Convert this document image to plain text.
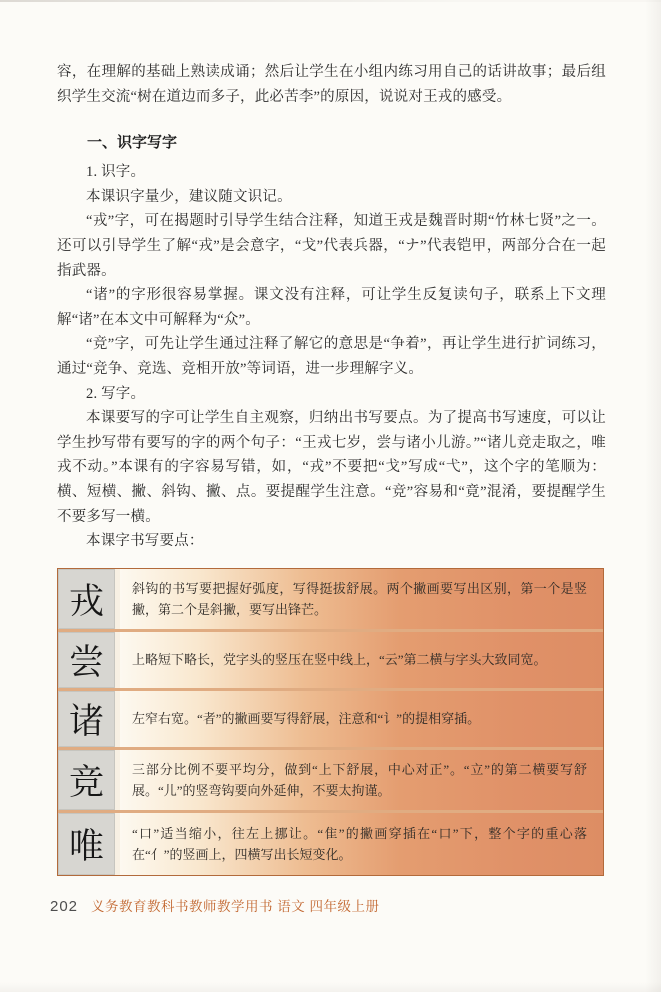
容，在理解的基础上熟读成诵；然后让学生在小组内练习用自己的话讲故事；最后组织学生交流“树在道边而多子，此必苦李”的原因，说说对王戎的感受。

一、识字写字

1. 识字。

本课识字量少，建议随文识记。

“戎”字，可在揭题时引导学生结合注释，知道王戎是魏晋时期“竹林七贤”之一。还可以引导学生了解“戎”是会意字，“戈”代表兵器，“ナ”代表铠甲，两部分合在一起指武器。

“诸”的字形很容易掌握。课文没有注释，可让学生反复读句子，联系上下文理解“诸”在本文中可解释为“众”。

“竞”字，可先让学生通过注释了解它的意思是“争着”，再让学生进行扩词练习，通过“竞争、竞选、竞相开放”等词语，进一步理解字义。

2. 写字。

本课要写的字可让学生自主观察，归纳出书写要点。为了提高书写速度，可以让学生抄写带有要写的字的两个句子：“王戎七岁，尝与诸小儿游。”“诸儿竞走取之，唯戎不动。”本课有的字容易写错，如，“戎”不要把“戈”写成“弋”，这个字的笔顺为：横、短横、撇、斜钩、撇、点。要提醒学生注意。“竞”容易和“竟”混淆，要提醒学生不要多写一横。

本课字书写要点：

戎	斜钩的书写要把握好弧度，写得挺拔舒展。两个撇画要写出区别，第一个是竖撇，第二个是斜撇，要写出锋芒。
尝	上略短下略长，党字头的竖压在竖中线上，“云”第二横与字头大致同宽。
诸	左窄右宽。“者”的撇画要写得舒展，注意和“讠”的提相穿插。
竞	三部分比例不要平均分，做到“上下舒展，中心对正”。“立”的第二横要写舒展。“儿”的竖弯钩要向外延伸，不要太拘谨。
唯	“口”适当缩小，往左上挪让。“隹”的撇画穿插在“口”下，整个字的重心落在“亻”的竖画上，四横写出长短变化。
202 义务教育教科书教师教学用书 语文 四年级上册
